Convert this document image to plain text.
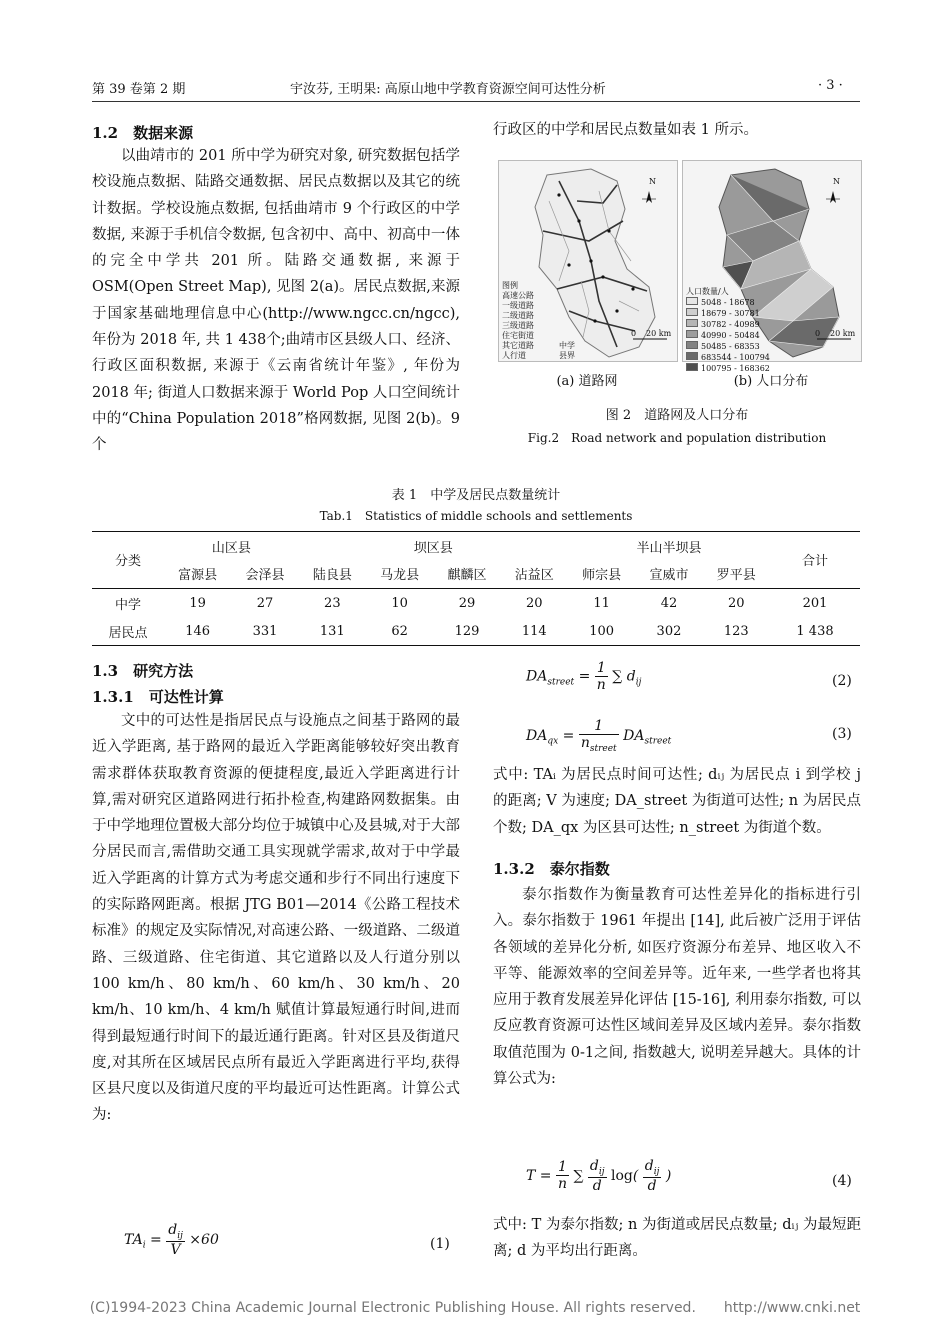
第 39 卷第 2 期	宇汝芬, 王明果: 高原山地中学教育资源空间可达性分析	· 3 ·
1.2　数据来源
以曲靖市的 201 所中学为研究对象, 研究数据包括学校设施点数据、陆路交通数据、居民点数据以及其它的统计数据。学校设施点数据, 包括曲靖市 9 个行政区的中学数据, 来源于手机信令数据, 包含初中、高中、初高中一体的完全中学共 201 所。陆路交通数据, 来源于 OSM(Open Street Map), 见图 2(a)。居民点数据,来源于国家基础地理信息中心(http://www.ngcc.cn/ngcc), 年份为 2018 年, 共 1 438个;曲靖市区县级人口、经济、行政区面积数据, 来源于《云南省统计年鉴》, 年份为 2018 年; 街道人口数据来源于 World Pop 人口空间统计中的“China Population 2018”格网数据, 见图 2(b)。9 个
行政区的中学和居民点数量如表 1 所示。
N
0 20 km
图例
高速公路
一级道路
二级道路
三级道路
住宅街道
其它道路
人行道
中学
县界
N
0 20 km
人口数量/人
5048 - 18678
18679 - 30781
30782 - 40989
40990 - 50484
50485 - 68353
683544 - 100794
100795 - 168362
(a) 道路网	(b) 人口分布
图 2　道路网及人口分布
Fig.2　Road network and population distribution
表 1　中学及居民点数量统计
Tab.1　Statistics of middle schools and settlements
分类	山区县		坝区县				半山半坝县			合计
	富源县	会泽县	陆良县	马龙县	麒麟区	沾益区	师宗县	宣威市	罗平县	

中学	19	27	23	10	29	20	11	42	20	201
居民点	146	331	131	62	129	114	100	302	123	1 438
1.3　研究方法
1.3.1　可达性计算
文中的可达性是指居民点与设施点之间基于路网的最近入学距离, 基于路网的最近入学距离能够较好突出教育需求群体获取教育资源的便捷程度,最近入学距离进行计算,需对研究区道路网进行拓扑检查,构建路网数据集。由于中学地理位置极大部分均位于城镇中心及县城,对于大部分居民而言,需借助交通工具实现就学需求,故对于中学最近入学距离的计算方式为考虑交通和步行不同出行速度下的实际路网距离。根据 JTG B01—2014《公路工程技术标准》的规定及实际情况,对高速公路、一级道路、二级道路、三级道路、住宅街道、其它道路以及人行道分别以 100 km/h、80 km/h、60 km/h、30 km/h、20 km/h、10 km/h、4 km/h 赋值计算最短通行时间,进而得到最短通行时间下的最近通行距离。针对区县及街道尺度,对其所在区域居民点所有最近入学距离进行平均,获得区县尺度以及街道尺度的平均最近可达性距离。计算公式为:
$TA_i = \frac{d_{ij}}{V} \times 60$	(1)
$DA_{street} = \frac{1}{n}$ ∑ $d_{ij}$	(2)
$DA_{qx} = \frac{1}{n_{street}} DA_{street}$	(3)
式中: TAᵢ 为居民点时间可达性; dᵢⱼ 为居民点 i 到学校 j 的距离; V 为速度; DA_street 为街道可达性; n 为居民点个数; DA_qx 为区县可达性; n_street 为街道个数。
1.3.2　泰尔指数
泰尔指数作为衡量教育可达性差异化的指标进行引入。泰尔指数于 1961 年提出 [14], 此后被广泛用于评估各领域的差异化分析, 如医疗资源分布差异、地区收入不平等、能源效率的空间差异等。近年来, 一些学者也将其应用于教育发展差异化评估 [15-16], 利用泰尔指数, 可以反应教育资源可达性区域间差异及区域内差异。泰尔指数取值范围为 0-1之间, 指数越大, 说明差异越大。具体的计算公式为:
$T = \frac{1}{n}$ ∑ $\frac{d_{ij}}{d} \log( \frac{d_{ij}}{d}$ )	(4)
式中: T 为泰尔指数; n 为街道或居民点数量; dᵢⱼ 为最短距离; d 为平均出行距离。
(C)1994-2023 China Academic Journal Electronic Publishing House. All rights reserved.　　http://www.cnki.net
